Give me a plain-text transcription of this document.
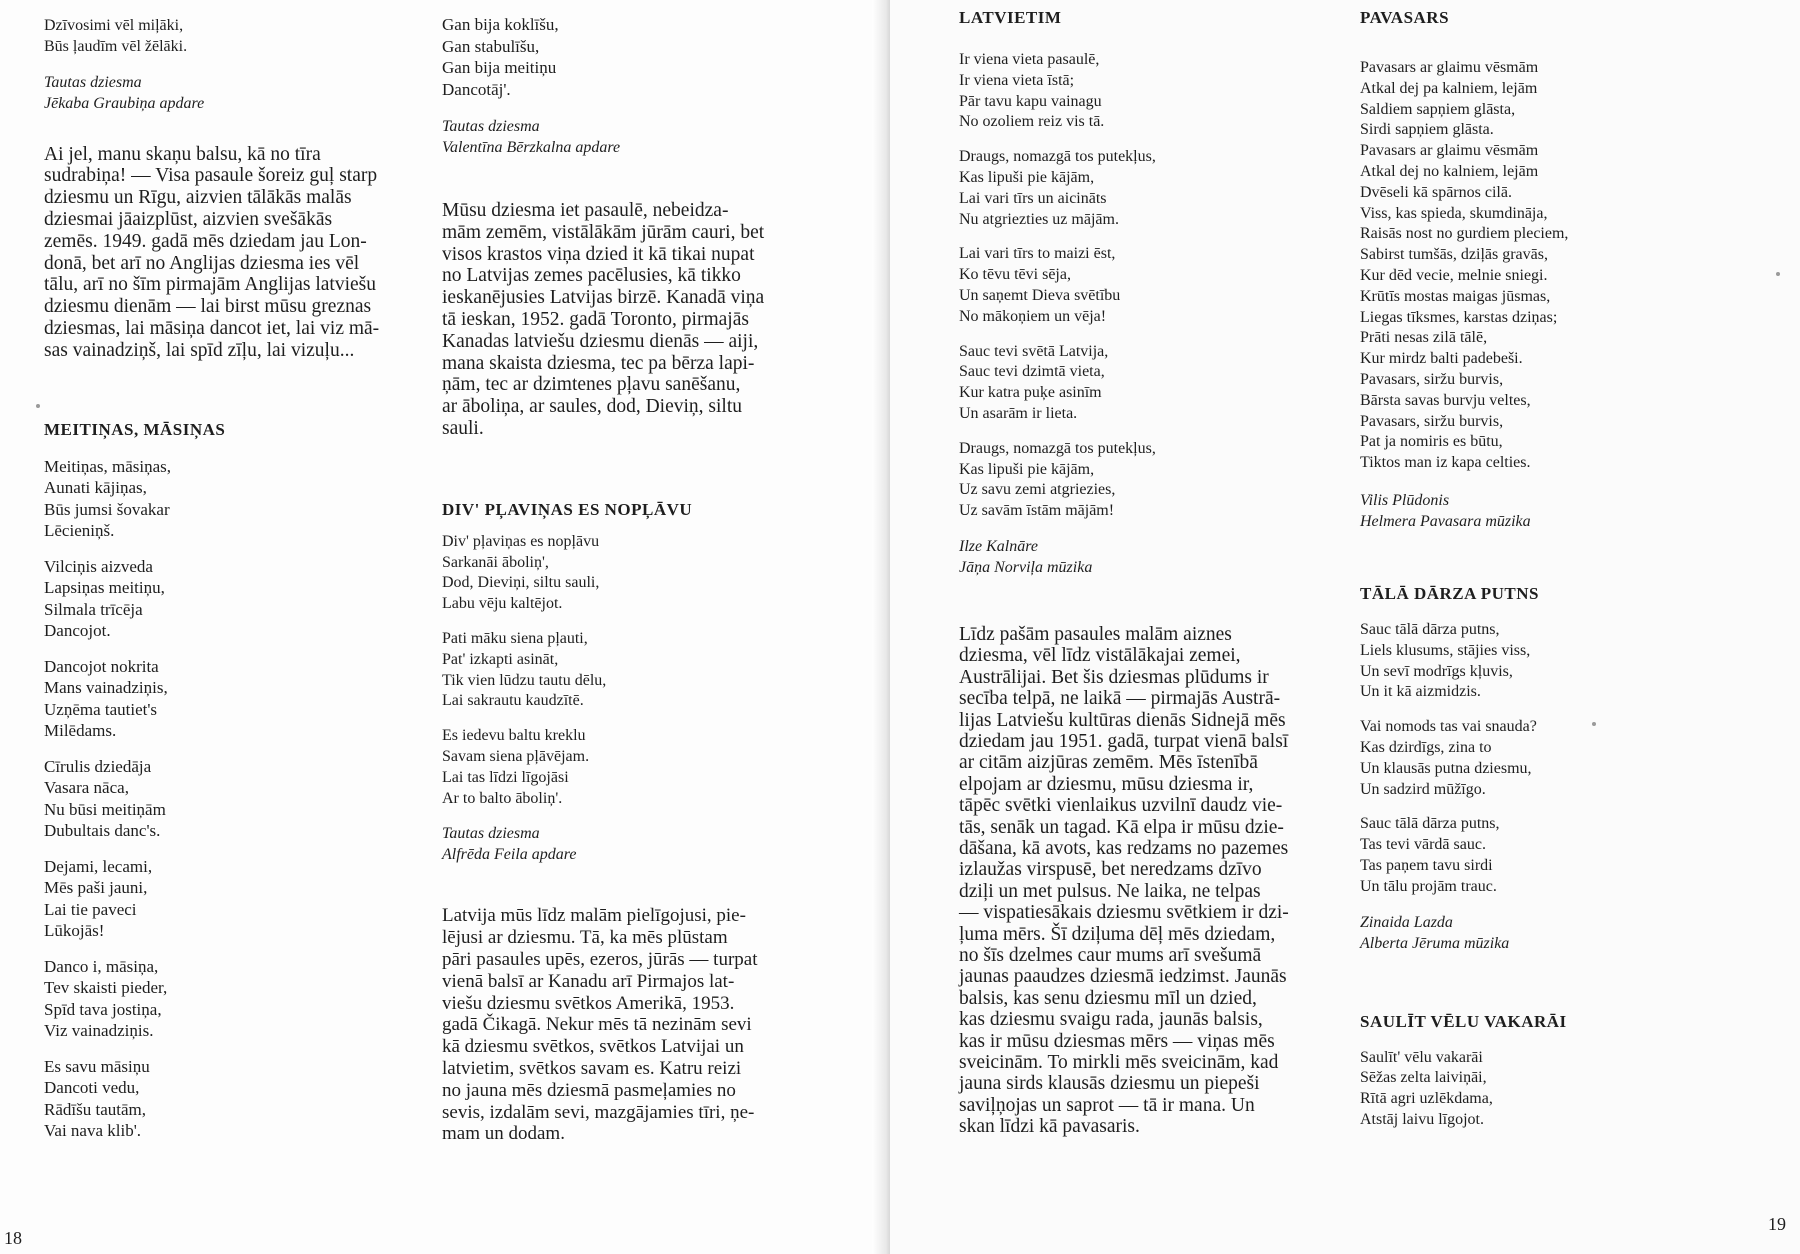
Dzīvosimi vēl miļāki,
Būs ļaudīm vēl žēlāki.
Tautas dziesma
Jēkaba Graubiņa apdare
Ai jel, manu skaņu balsu, kā no tīra
sudrabiņa! — Visa pasaule šoreiz guļ starp
dziesmu un Rīgu, aizvien tālākās malās
dziesmai jāaizplūst, aizvien svešākās
zemēs. 1949. gadā mēs dziedam jau Lon-
donā, bet arī no Anglijas dziesma ies vēl
tālu, arī no šīm pirmajām Anglijas latviešu
dziesmu dienām — lai birst mūsu greznas
dziesmas, lai māsiņa dancot iet, lai viz mā-
sas vainadziņš, lai spīd zīļu, lai vizuļu...
MEITIŅAS, MĀSIŅAS
Meitiņas, māsiņas,
Aunati kājiņas,
Būs jumsi šovakar
Lēcieniņš.
Vilciņis aizveda
Lapsiņas meitiņu,
Silmala trīcēja
Dancojot.
Dancojot nokrita
Mans vainadziņis,
Uzņēma tautiet's
Milēdams.
Cīrulis dziedāja
Vasara nāca,
Nu būsi meitiņām
Dubultais danc's.
Dejami, lecami,
Mēs paši jauni,
Lai tie paveci
Lūkojās!
Danco i, māsiņa,
Tev skaisti pieder,
Spīd tava jostiņa,
Viz vainadziņis.
Es savu māsiņu
Dancoti vedu,
Rādīšu tautām,
Vai nava klib'.
Gan bija koklīšu,
Gan stabulīšu,
Gan bija meitiņu
Dancotāj'.
Tautas dziesma
Valentīna Bērzkalna apdare
Mūsu dziesma iet pasaulē, nebeidza-
mām zemēm, vistālākām jūrām cauri, bet
visos krastos viņa dzied it kā tikai nupat
no Latvijas zemes pacēlusies, kā tikko
ieskanējusies Latvijas birzē. Kanadā viņa
tā ieskan, 1952. gadā Toronto, pirmajās
Kanadas latviešu dziesmu dienās — aiji,
mana skaista dziesma, tec pa bērza lapi-
ņām, tec ar dzimtenes pļavu sanēšanu,
ar āboliņa, ar saules, dod, Dieviņ, siltu
sauli.
DIV' PĻAVIŅAS ES NOPĻĀVU
Div' pļaviņas es nopļāvu
Sarkanāi āboliņ',
Dod, Dieviņi, siltu sauli,
Labu vēju kaltējot.
Pati māku siena pļauti,
Pat' izkapti asināt,
Tik vien lūdzu tautu dēlu,
Lai sakrautu kaudzītē.
Es iedevu baltu kreklu
Savam siena pļāvējam.
Lai tas līdzi līgojāsi
Ar to balto āboliņ'.
Tautas dziesma
Alfrēda Feila apdare
Latvija mūs līdz malām pielīgojusi, pie-
lējusi ar dziesmu. Tā, ka mēs plūstam
pāri pasaules upēs, ezeros, jūrās — turpat
vienā balsī ar Kanadu arī Pirmajos lat-
viešu dziesmu svētkos Amerikā, 1953.
gadā Čikagā. Nekur mēs tā nezinām sevi
kā dziesmu svētkos, svētkos Latvijai un
latvietim, svētkos savam es. Katru reizi
no jauna mēs dziesmā pasmeļamies no
sevis, izdalām sevi, mazgājamies tīri, ņe-
mam un dodam.
18
LATVIETIM
Ir viena vieta pasaulē,
Ir viena vieta īstā;
Pār tavu kapu vainagu
No ozoliem reiz vis tā.
Draugs, nomazgā tos putekļus,
Kas lipuši pie kājām,
Lai vari tīrs un aicināts
Nu atgriezties uz mājām.
Lai vari tīrs to maizi ēst,
Ko tēvu tēvi sēja,
Un saņemt Dieva svētību
No mākoņiem un vēja!
Sauc tevi svētā Latvija,
Sauc tevi dzimtā vieta,
Kur katra puķe asinīm
Un asarām ir lieta.
Draugs, nomazgā tos putekļus,
Kas lipuši pie kājām,
Uz savu zemi atgriezies,
Uz savām īstām mājām!
Ilze Kalnāre
Jāņa Norviļa mūzika
Līdz pašām pasaules malām aiznes
dziesma, vēl līdz vistālākajai zemei,
Austrālijai. Bet šis dziesmas plūdums ir
secība telpā, ne laikā — pirmajās Austrā-
lijas Latviešu kultūras dienās Sidnejā mēs
dziedam jau 1951. gadā, turpat vienā balsī
ar citām aizjūras zemēm. Mēs īstenībā
elpojam ar dziesmu, mūsu dziesma ir,
tāpēc svētki vienlaikus uzvilnī daudz vie-
tās, senāk un tagad. Kā elpa ir mūsu dzie-
dāšana, kā avots, kas redzams no pazemes
izlaužas virspusē, bet neredzams dzīvo
dziļi un met pulsus. Ne laika, ne telpas
— vispatiesākais dziesmu svētkiem ir dzi-
ļuma mērs. Šī dziļuma dēļ mēs dziedam,
no šīs dzelmes caur mums arī svešumā
jaunas paaudzes dziesmā iedzimst. Jaunās
balsis, kas senu dziesmu mīl un dzied,
kas dziesmu svaigu rada, jaunās balsis,
kas ir mūsu dziesmas mērs — viņas mēs
sveicinām. To mirkli mēs sveicinām, kad
jauna sirds klausās dziesmu un piepeši
saviļņojas un saprot — tā ir mana. Un
skan līdzi kā pavasaris.
PAVASARS
Pavasars ar glaimu vēsmām
Atkal dej pa kalniem, lejām
Saldiem sapņiem glāsta,
Sirdi sapņiem glāsta.
Pavasars ar glaimu vēsmām
Atkal dej no kalniem, lejām
Dvēseli kā spārnos cilā.
Viss, kas spieda, skumdināja,
Raisās nost no gurdiem pleciem,
Sabirst tumšās, dziļās gravās,
Kur dēd vecie, melnie sniegi.
Krūtīs mostas maigas jūsmas,
Liegas tīksmes, karstas dziņas;
Prāti nesas zilā tālē,
Kur mirdz balti padebeši.
Pavasars, siržu burvis,
Bārsta savas burvju veltes,
Pavasars, siržu burvis,
Pat ja nomiris es būtu,
Tiktos man iz kapa celties.
Vilis Plūdonis
Helmera Pavasara mūzika
TĀLĀ DĀRZA PUTNS
Sauc tālā dārza putns,
Liels klusums, stājies viss,
Un sevī modrīgs kļuvis,
Un it kā aizmidzis.
Vai nomods tas vai snauda?
Kas dzirdīgs, zina to
Un klausās putna dziesmu,
Un sadzird mūžīgo.
Sauc tālā dārza putns,
Tas tevi vārdā sauc.
Tas paņem tavu sirdi
Un tālu projām trauc.
Zinaida Lazda
Alberta Jēruma mūzika
SAULĪT VĒLU VAKARĀI
Saulīt' vēlu vakarāi
Sēžas zelta laiviņāi,
Rītā agri uzlēkdama,
Atstāj laivu līgojot.
19
